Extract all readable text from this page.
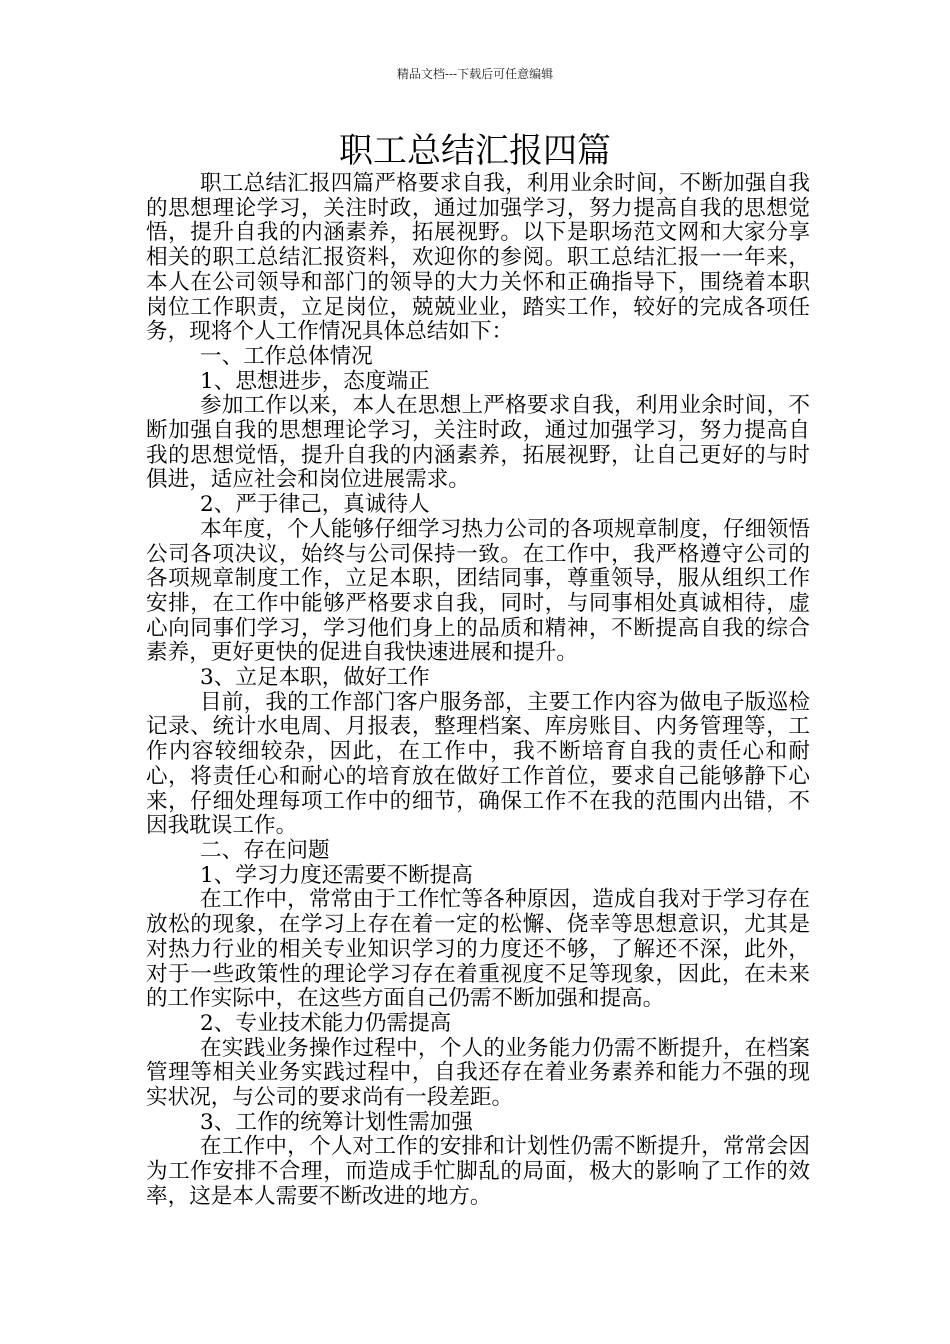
精品文档---下载后可任意编辑
职工总结汇报四篇

职工总结汇报四篇严格要求自我，利用业余时间，不断加强自我的思想理论学习，关注时政，通过加强学习，努力提高自我的思想觉悟，提升自我的内涵素养，拓展视野。以下是职场范文网和大家分享相关的职工总结汇报资料，欢迎你的参阅。职工总结汇报一一年来，本人在公司领导和部门的领导的大力关怀和正确指导下，围绕着本职岗位工作职责，立足岗位，兢兢业业，踏实工作，较好的完成各项任务，现将个人工作情况具体总结如下：

一、工作总体情况

1、思想进步，态度端正

参加工作以来，本人在思想上严格要求自我，利用业余时间，不断加强自我的思想理论学习，关注时政，通过加强学习，努力提高自我的思想觉悟，提升自我的内涵素养，拓展视野，让自己更好的与时俱进，适应社会和岗位进展需求。

2、严于律己，真诚待人

本年度，个人能够仔细学习热力公司的各项规章制度，仔细领悟公司各项决议，始终与公司保持一致。在工作中，我严格遵守公司的各项规章制度工作，立足本职，团结同事，尊重领导，服从组织工作安排，在工作中能够严格要求自我，同时，与同事相处真诚相待，虚心向同事们学习，学习他们身上的品质和精神，不断提高自我的综合素养，更好更快的促进自我快速进展和提升。

3、立足本职，做好工作

目前，我的工作部门客户服务部，主要工作内容为做电子版巡检记录、统计水电周、月报表，整理档案、库房账目、内务管理等，工作内容较细较杂，因此，在工作中，我不断培育自我的责任心和耐心，将责任心和耐心的培育放在做好工作首位，要求自己能够静下心来，仔细处理每项工作中的细节，确保工作不在我的范围内出错，不因我耽误工作。

二、存在问题

1、学习力度还需要不断提高

在工作中，常常由于工作忙等各种原因，造成自我对于学习存在放松的现象，在学习上存在着一定的松懈、侥幸等思想意识，尤其是对热力行业的相关专业知识学习的力度还不够，了解还不深，此外，对于一些政策性的理论学习存在着重视度不足等现象，因此，在未来的工作实际中，在这些方面自己仍需不断加强和提高。

2、专业技术能力仍需提高

在实践业务操作过程中，个人的业务能力仍需不断提升，在档案管理等相关业务实践过程中，自我还存在着业务素养和能力不强的现实状况，与公司的要求尚有一段差距。

3、工作的统筹计划性需加强

在工作中，个人对工作的安排和计划性仍需不断提升，常常会因为工作安排不合理，而造成手忙脚乱的局面，极大的影响了工作的效率，这是本人需要不断改进的地方。
